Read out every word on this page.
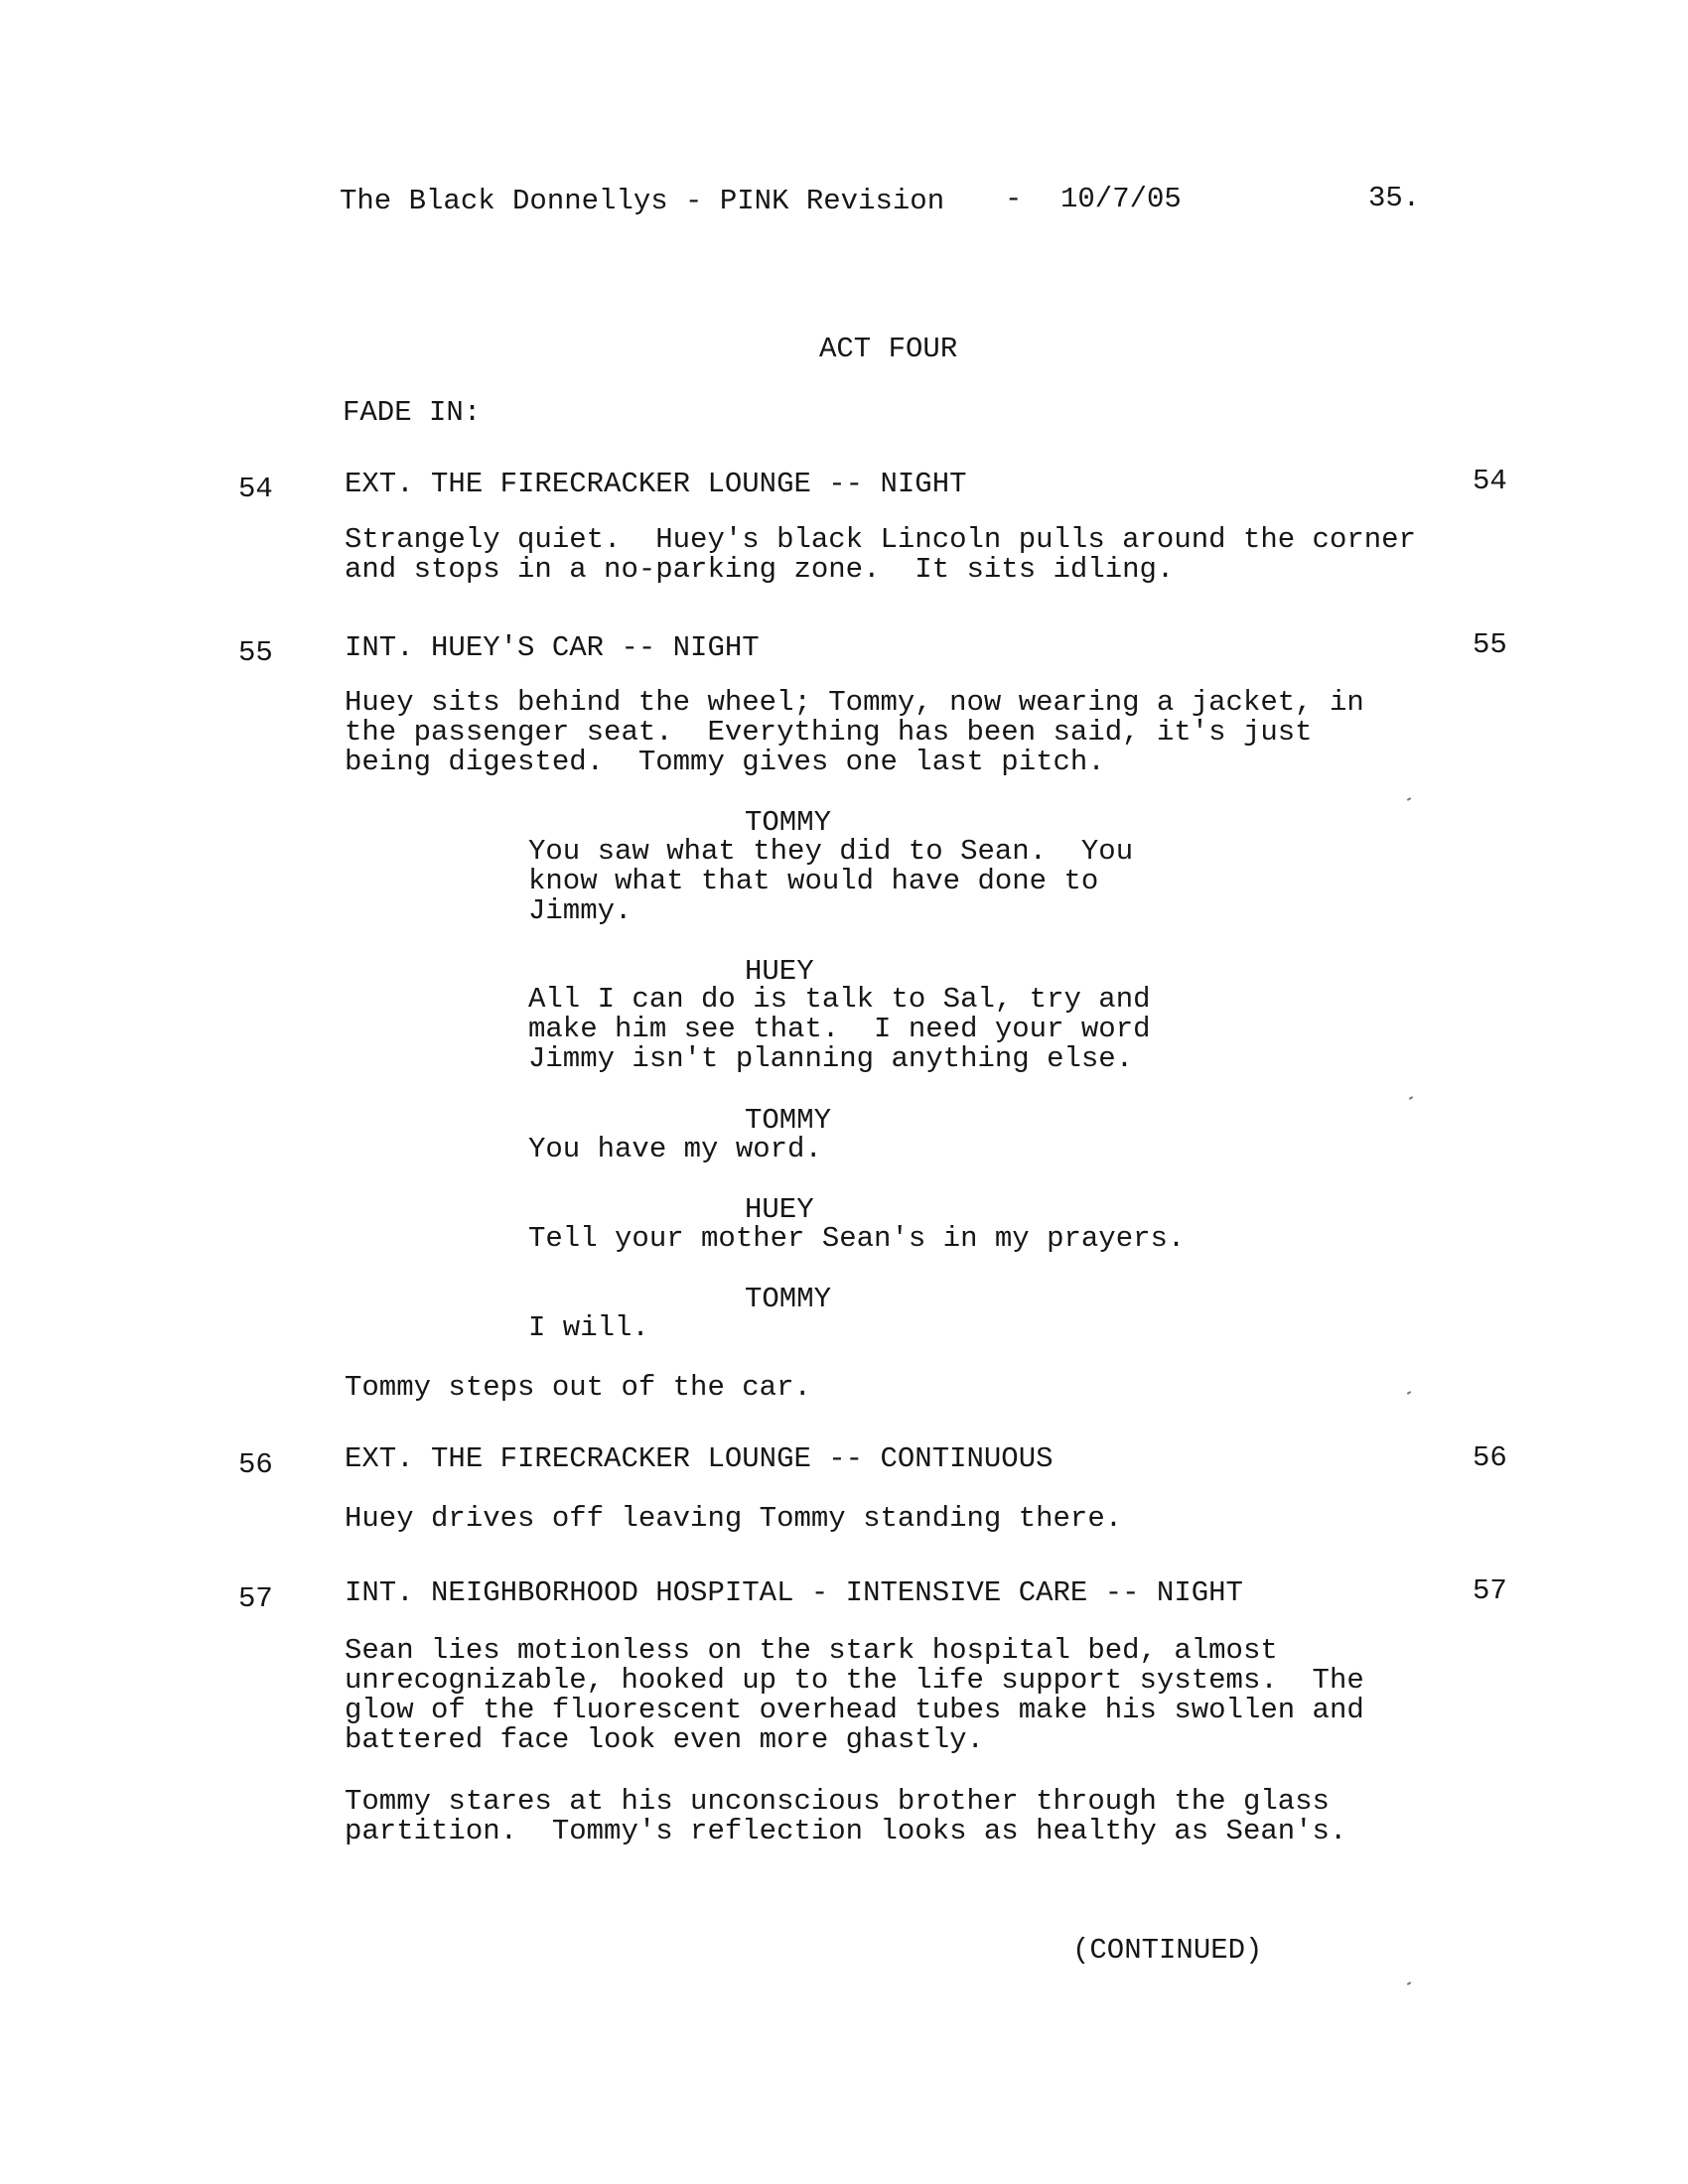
The Black Donnellys - PINK Revision - 10/7/05	35.
ACT FOUR
FADE IN:
54 EXT. THE FIRECRACKER LOUNGE -- NIGHT	54
Strangely quiet.  Huey's black Lincoln pulls around the corner
and stops in a no-parking zone.  It sits idling.
55 INT. HUEY'S CAR -- NIGHT	55
Huey sits behind the wheel; Tommy, now wearing a jacket, in
the passenger seat.  Everything has been said, it's just
being digested.  Tommy gives one last pitch.
TOMMY
You saw what they did to Sean.  You
know what that would have done to
Jimmy.
HUEY
All I can do is talk to Sal, try and
make him see that.  I need your word
Jimmy isn't planning anything else.
TOMMY
You have my word.
HUEY
Tell your mother Sean's in my prayers.
TOMMY
I will.
Tommy steps out of the car.
56 EXT. THE FIRECRACKER LOUNGE -- CONTINUOUS	56
Huey drives off leaving Tommy standing there.
57 INT. NEIGHBORHOOD HOSPITAL - INTENSIVE CARE -- NIGHT	57
Sean lies motionless on the stark hospital bed, almost
unrecognizable, hooked up to the life support systems.  The
glow of the fluorescent overhead tubes make his swollen and
battered face look even more ghastly.
Tommy stares at his unconscious brother through the glass
partition.  Tommy's reflection looks as healthy as Sean's.
(CONTINUED)
